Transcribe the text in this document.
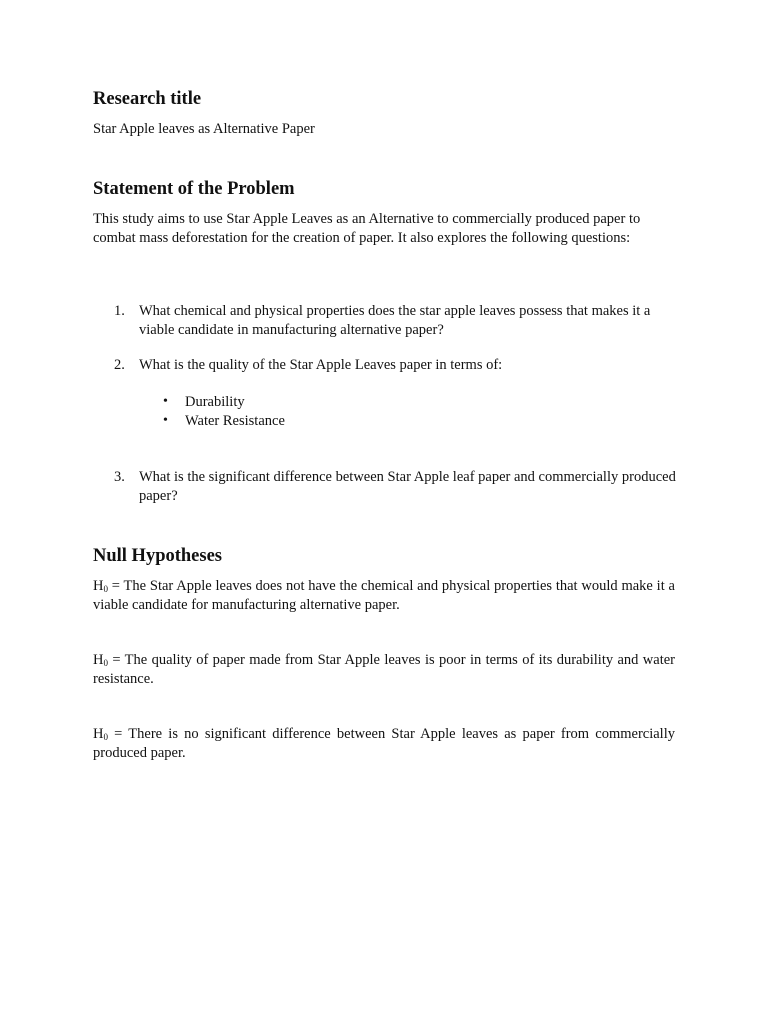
Research title
Star Apple leaves as Alternative Paper
Statement of the Problem
This study aims to use Star Apple Leaves as an Alternative to commercially produced paper to combat mass deforestation for the creation of paper. It also explores the following questions:
1. What chemical and physical properties does the star apple leaves possess that makes it a viable candidate in manufacturing alternative paper?
2. What is the quality of the Star Apple Leaves paper in terms of:
• Durability
• Water Resistance
3. What is the significant difference between Star Apple leaf paper and commercially produced paper?
Null Hypotheses
$H_0$ = The Star Apple leaves does not have the chemical and physical properties that would make it a viable candidate for manufacturing alternative paper.
$H_0$ = The quality of paper made from Star Apple leaves is poor in terms of its durability and water resistance.
$H_0$ = There is no significant difference between Star Apple leaves as paper from commercially produced paper.
